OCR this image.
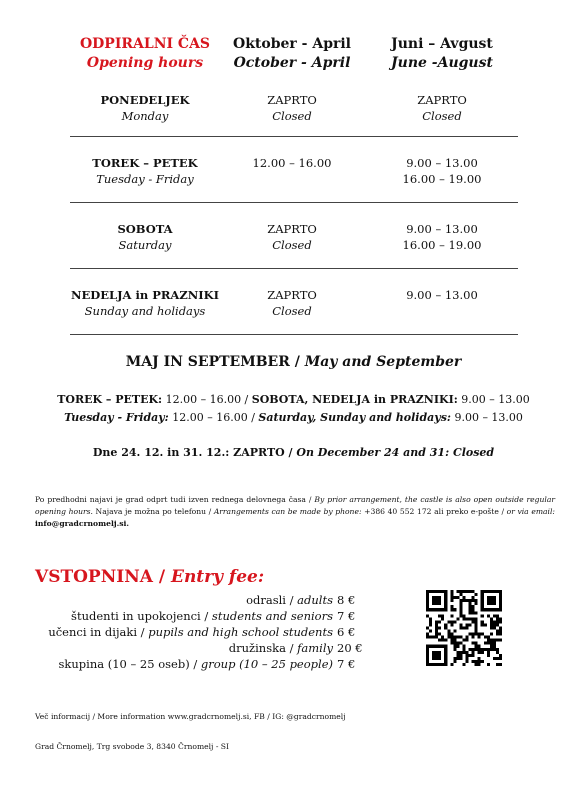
ODPIRALNI ČAS
Opening hours
Oktober - April
October - April
Juni – Avgust
June -August
PONEDELJEK
Monday
ZAPRTO
Closed
ZAPRTO
Closed
TOREK – PETEK
Tuesday - Friday
12.00 – 16.00	9.00 – 13.00
16.00 – 19.00
SOBOTA
Saturday
ZAPRTO
Closed
9.00 – 13.00
16.00 – 19.00
NEDELJA in PRAZNIKI
Sunday and holidays
ZAPRTO
Closed
9.00 – 13.00
MAJ IN SEPTEMBER / May and September
TOREK – PETEK: 12.00 – 16.00 / SOBOTA, NEDELJA in PRAZNIKI: 9.00 – 13.00
Tuesday - Friday: 12.00 – 16.00 / Saturday, Sunday and holidays: 9.00 – 13.00
Dne 24. 12. in 31. 12.: ZAPRTO / On December 24 and 31: Closed
Po predhodni najavi je grad odprt tudi izven rednega delovnega časa / By prior arrangement, the castle is also open outside regular opening hours. Najava je možna po telefonu / Arrangements can be made by phone: +386 40 552 172 ali preko e-pošte / or via email: info@gradcrnomelj.si.
VSTOPNINA / Entry fee:
odrasli / adults 8 €
študenti in upokojenci / students and seniors 7 €
učenci in dijaki / pupils and high school students 6 €
družinska / family 20 €
skupina (10 – 25 oseb) / group (10 – 25 people) 7 €
Več informacij / More information www.gradcrnomelj.si, FB / IG: @gradcrnomelj
Grad Črnomelj, Trg svobode 3, 8340 Črnomelj - SI
